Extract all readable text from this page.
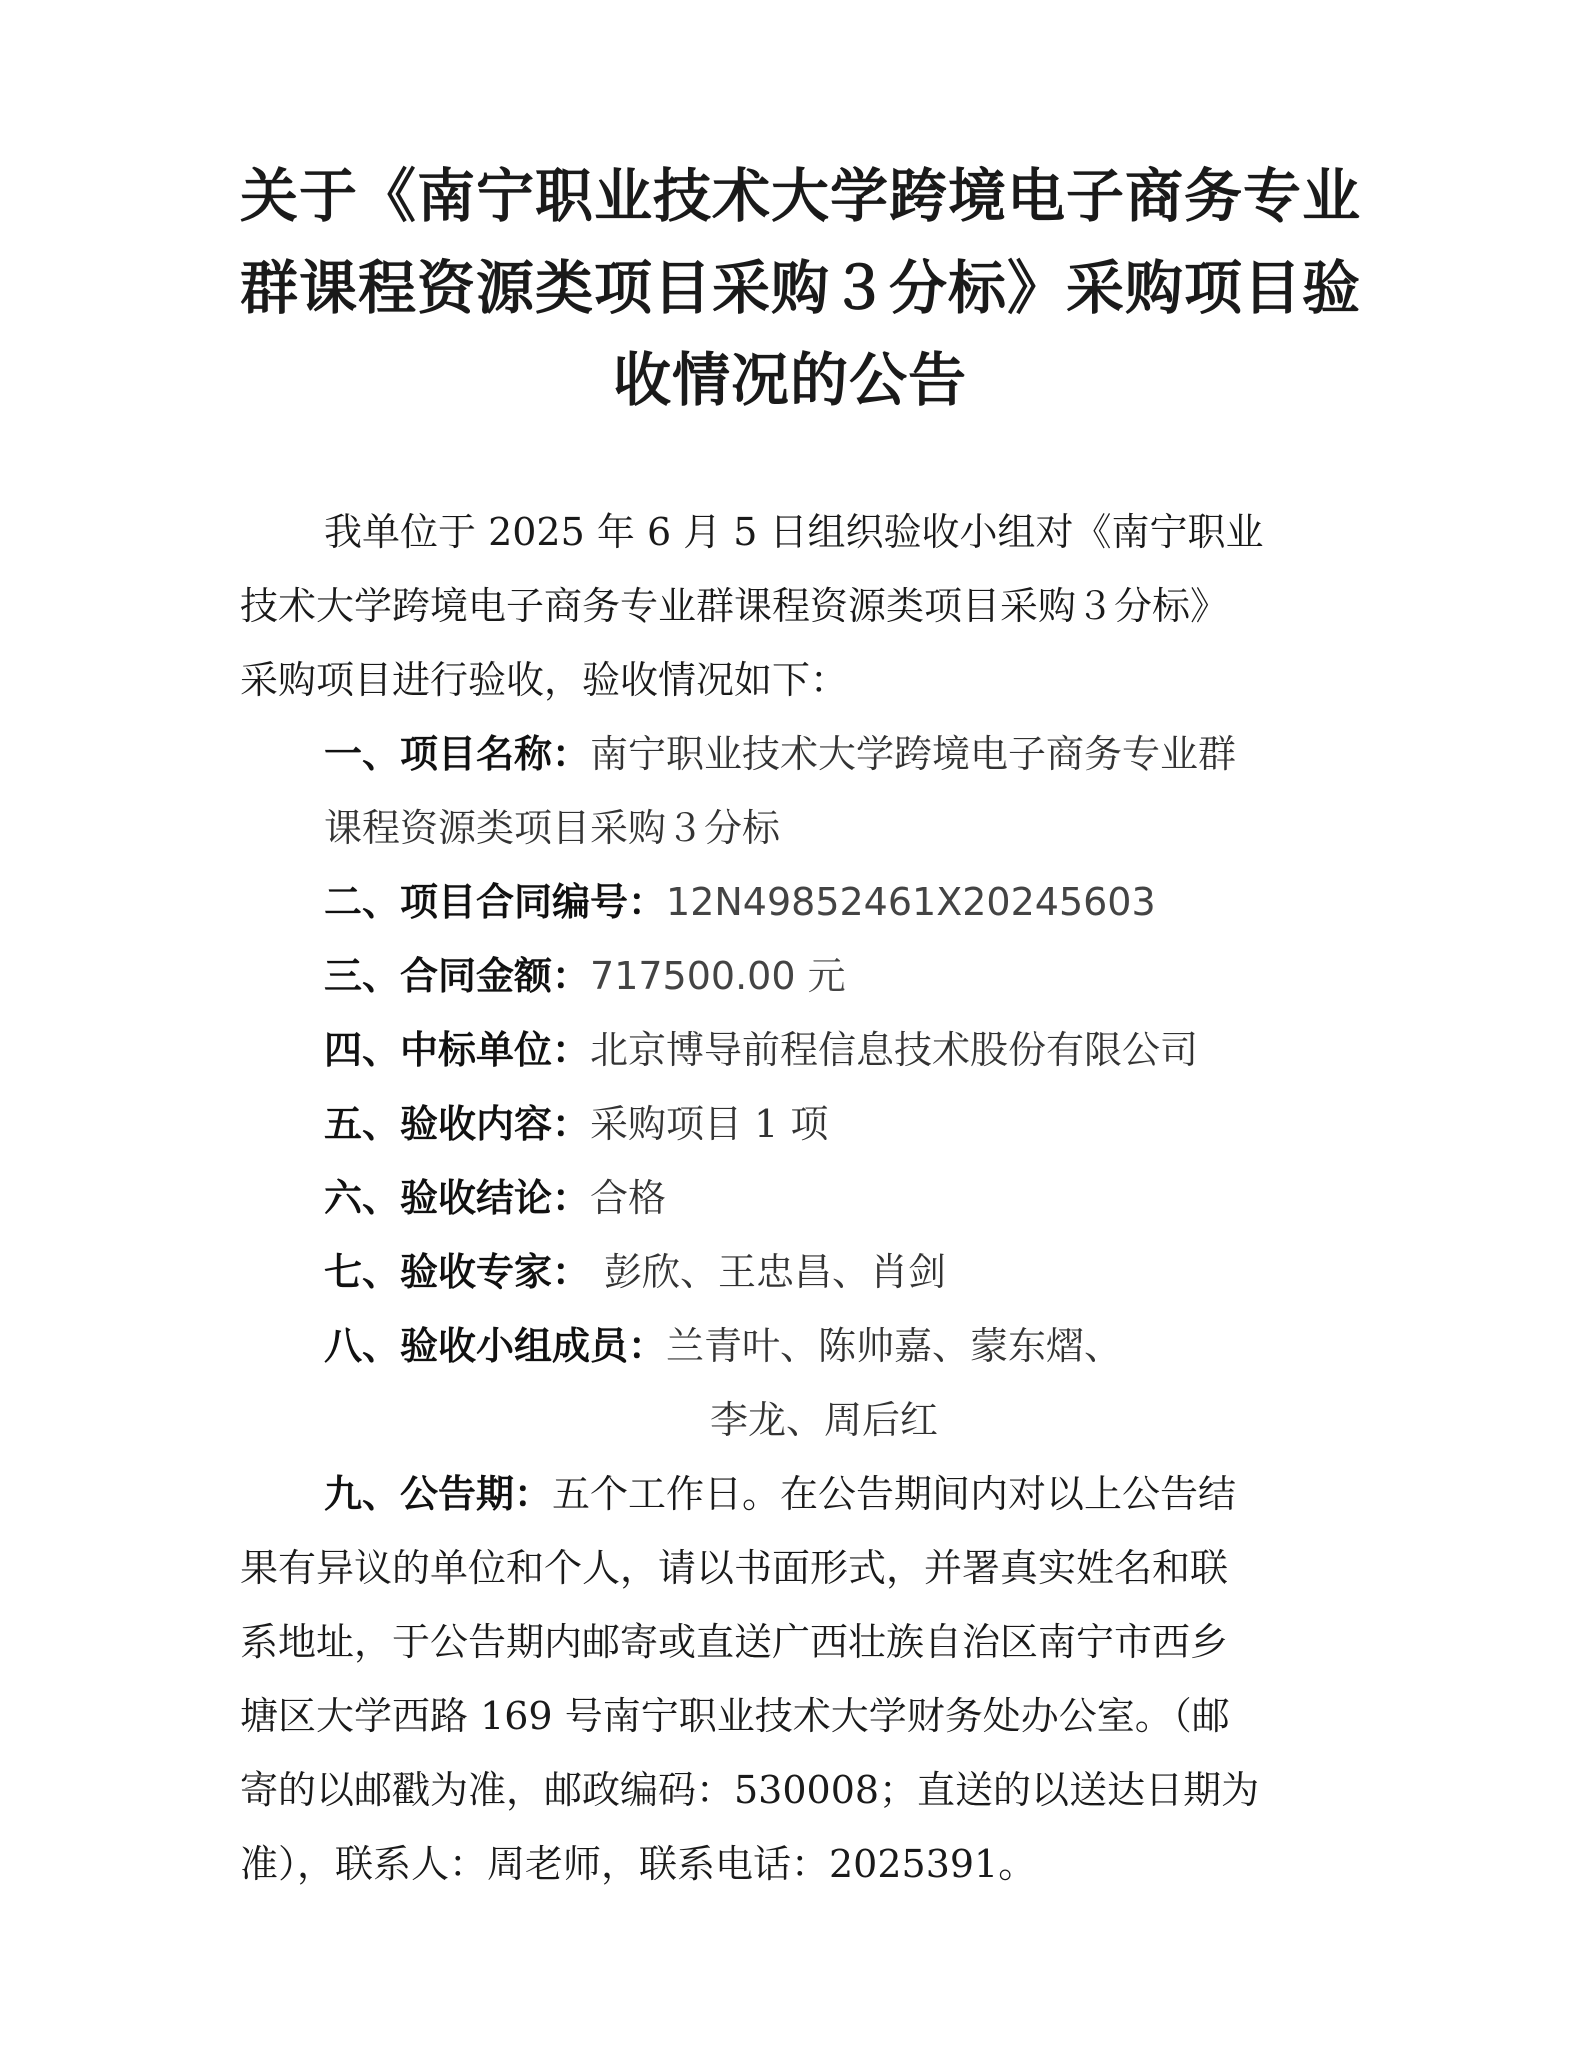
关于《南宁职业技术大学跨境电子商务专业
群课程资源类项目采购３分标》采购项目验
收情况的公告
我单位于 2025 年 6 月 5 日组织验收小组对《南宁职业
技术大学跨境电子商务专业群课程资源类项目采购３分标》
采购项目进行验收，验收情况如下：
一、项目名称：南宁职业技术大学跨境电子商务专业群
课程资源类项目采购３分标
二、项目合同编号：12N49852461X20245603
三、合同金额：717500.00 元
四、中标单位：北京博导前程信息技术股份有限公司
五、验收内容：采购项目 1 项
六、验收结论：合格
七、验收专家： 彭欣、王忠昌、肖剑
八、验收小组成员：兰青叶、陈帅嘉、蒙东熠、
李龙、周后红
九、公告期：五个工作日。在公告期间内对以上公告结
果有异议的单位和个人，请以书面形式，并署真实姓名和联
系地址，于公告期内邮寄或直送广西壮族自治区南宁市西乡
塘区大学西路 169 号南宁职业技术大学财务处办公室。（邮
寄的以邮戳为准，邮政编码：530008；直送的以送达日期为
准），联系人：周老师，联系电话：2025391。
